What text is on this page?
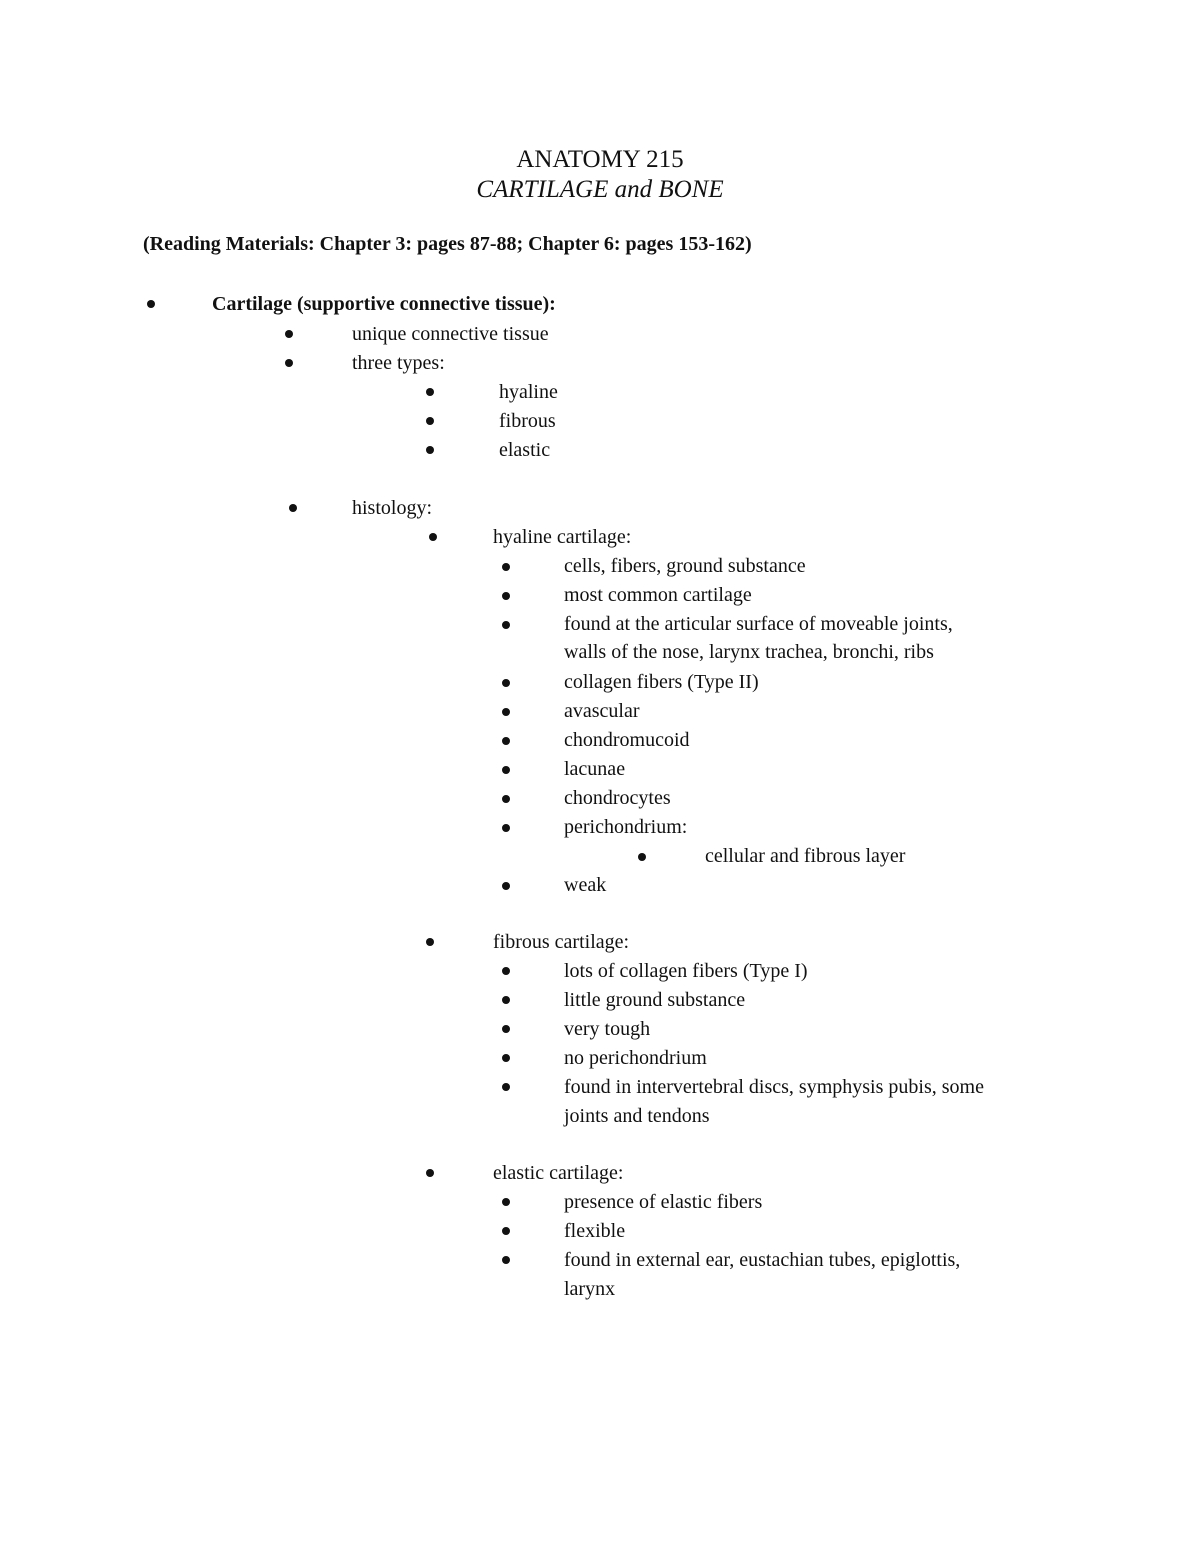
ANATOMY 215
CARTILAGE and BONE
(Reading Materials: Chapter 3: pages 87-88; Chapter 6: pages 153-162)
Cartilage (supportive connective tissue):
unique connective tissue
three types:
hyaline
fibrous
elastic
histology:
hyaline cartilage:
cells, fibers, ground substance
most common cartilage
found at the articular surface of moveable joints,
walls of the nose, larynx trachea, bronchi, ribs
collagen fibers (Type II)
avascular
chondromucoid
lacunae
chondrocytes
perichondrium:
cellular and fibrous layer
weak
fibrous cartilage:
lots of collagen fibers (Type I)
little ground substance
very tough
no perichondrium
found in intervertebral discs, symphysis pubis, some
joints and tendons
elastic cartilage:
presence of elastic fibers
flexible
found in external ear, eustachian tubes, epiglottis,
larynx
